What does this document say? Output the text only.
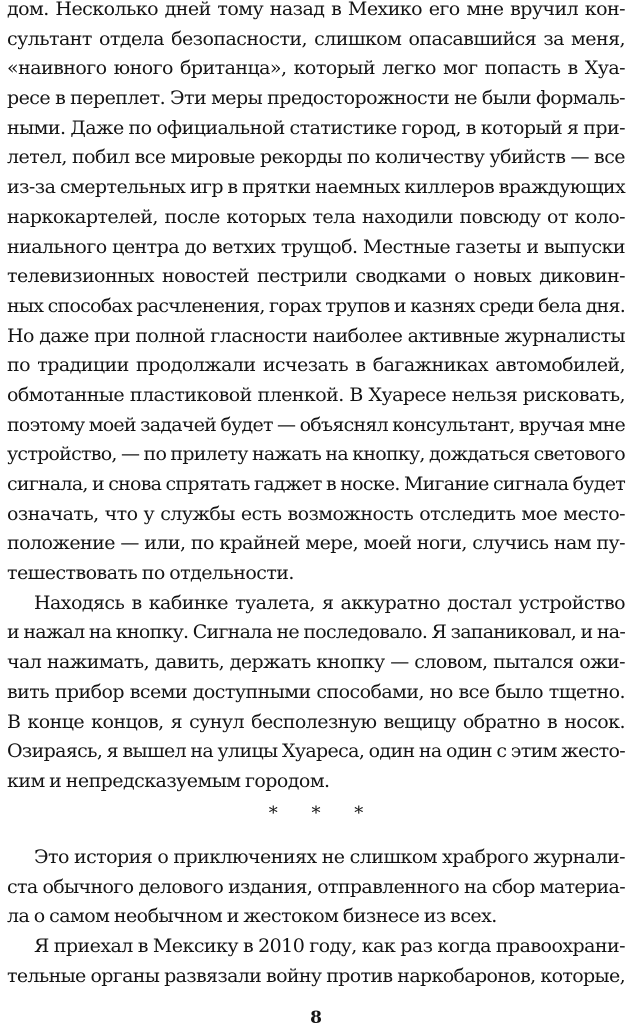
дом. Несколько дней тому назад в Мехико его мне вручил кон-
сультант отдела безопасности, слишком опасавшийся за меня,
«наивного юного британца», который легко мог попасть в Хуа-
ресе в переплет. Эти меры предосторожности не были формаль-
ными. Даже по официальной статистике город, в который я при-
летел, побил все мировые рекорды по количеству убийств — все
из-за смертельных игр в прятки наемных киллеров враждующих
наркокартелей, после которых тела находили повсюду от коло-
ниального центра до ветхих трущоб. Местные газеты и выпуски
телевизионных новостей пестрили сводками о новых диковин-
ных способах расчленения, горах трупов и казнях среди бела дня.
Но даже при полной гласности наиболее активные журналисты
по традиции продолжали исчезать в багажниках автомобилей,
обмотанные пластиковой пленкой. В Хуаресе нельзя рисковать,
поэтому моей задачей будет — объяснял консультант, вручая мне
устройство, — по прилету нажать на кнопку, дождаться светового
сигнала, и снова спрятать гаджет в носке. Мигание сигнала будет
означать, что у службы есть возможность отследить мое место-
положение — или, по крайней мере, моей ноги, случись нам пу-
тешествовать по отдельности.
Находясь в кабинке туалета, я аккуратно достал устройство
и нажал на кнопку. Сигнала не последовало. Я запаниковал, и на-
чал нажимать, давить, держать кнопку — словом, пытался ожи-
вить прибор всеми доступными способами, но все было тщетно.
В конце концов, я сунул бесполезную вещицу обратно в носок.
Озираясь, я вышел на улицы Хуареса, один на один с этим жесто-
ким и непредсказуемым городом.
* * *
Это история о приключениях не слишком храброго журнали-
ста обычного делового издания, отправленного на сбор материа-
ла о самом необычном и жестоком бизнесе из всех.
Я приехал в Мексику в 2010 году, как раз когда правоохрани-
тельные органы развязали войну против наркобаронов, которые,
8
